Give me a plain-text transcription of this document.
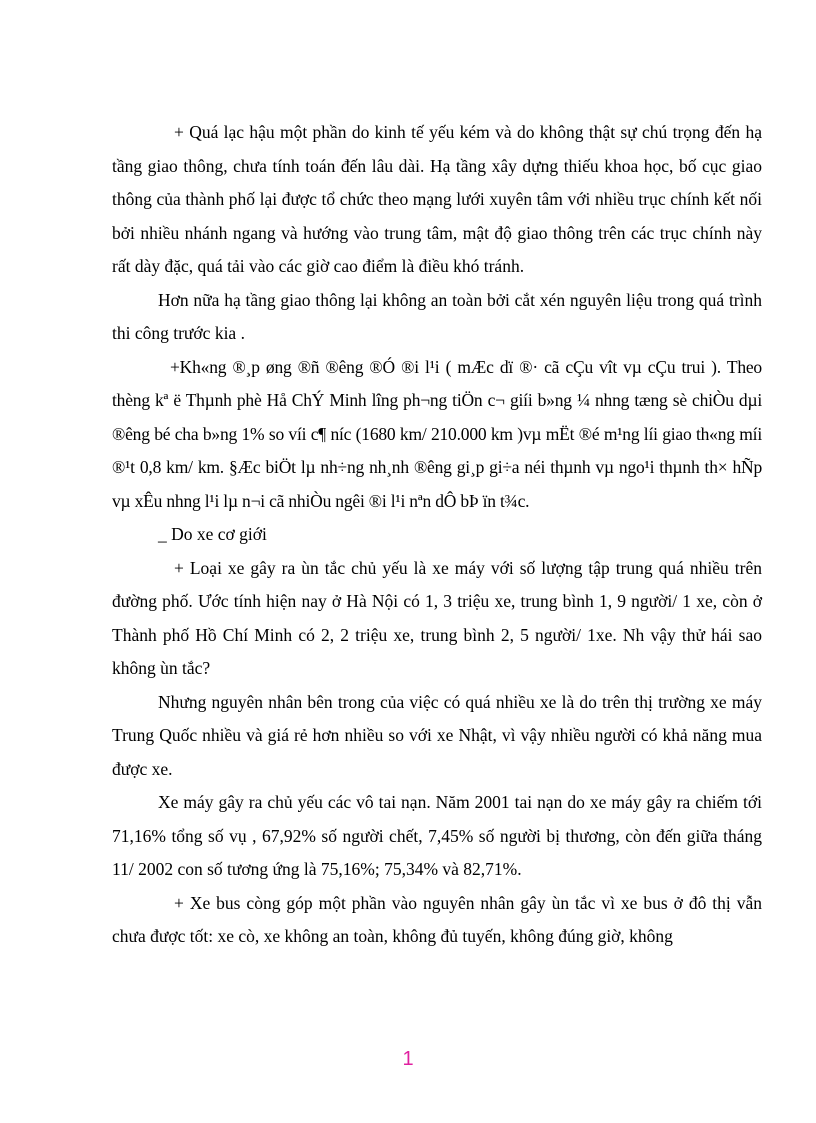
+ Quá lạc hậu một phần do kinh tế yếu kém và do không thật sự chú trọng đến hạ tầng giao thông, chưa tính toán đến lâu dài. Hạ tầng xây dựng thiếu khoa học, bố cục giao thông của thành phố lại được tổ chức theo mạng lưới xuyên tâm với nhiều trục chính kết nối bởi nhiều nhánh ngang và hướng vào trung tâm, mật độ giao thông trên các trục chính này rất dày đặc, quá tải vào các giờ cao điểm là điều khó tránh.

Hơn nữa hạ tầng giao thông lại không an toàn bởi cắt xén nguyên liệu trong quá trình thi công trước kia .

+Kh«ng ®¸p øng ®ñ ®êng ®Ó ®i l¹i ( mÆc dï ®· cã cÇu vît vµ cÇu trui ). Theo thèng kª ë Thµnh phè Hå ChÝ Minh lîng ph¬ng tiÖn c¬ giíi b»ng ¼ nhng tæng sè chiÒu dµi ®êng bé cha b»ng 1% so víi c¶ níc (1680 km/ 210.000 km )vµ mËt ®é m¹ng líi giao th«ng míi ®¹t 0,8 km/ km. §Æc biÖt lµ nh÷ng nh¸nh ®êng gi¸p gi÷a néi thµnh vµ ngo¹i thµnh th× hÑp vµ xÊu nhng l¹i lµ n¬i cã nhiÒu ngêi ®i l¹i nªn dÔ bÞ ïn t¾c.

_ Do xe cơ giới

+ Loại xe gây ra ùn tắc chủ yếu là xe máy với số lượng tập trung quá nhiều trên đường phố. Ước tính hiện nay ở Hà Nội có 1, 3 triệu xe, trung bình 1, 9 người/ 1 xe, còn ở Thành phố Hồ Chí Minh có 2, 2 triệu xe, trung bình 2, 5 người/ 1xe. Nh vậy thử hái sao không ùn tắc?

Nhưng nguyên nhân bên trong của việc có quá nhiều xe là do trên thị trường xe máy Trung Quốc nhiều và giá rẻ hơn nhiều so với xe Nhật, vì vậy nhiều người có khả năng mua được xe.

Xe máy gây ra chủ yếu các vô tai nạn. Năm 2001 tai nạn do xe máy gây ra chiếm tới 71,16% tổng số vụ , 67,92% số người chết, 7,45% số người bị thương, còn đến giữa tháng 11/ 2002 con số tương ứng là 75,16%; 75,34% và 82,71%.

+ Xe bus còng góp một phần vào nguyên nhân gây ùn tắc vì xe bus ở đô thị vẫn chưa được tốt: xe cò, xe không an toàn, không đủ tuyến, không đúng giờ, không

1
